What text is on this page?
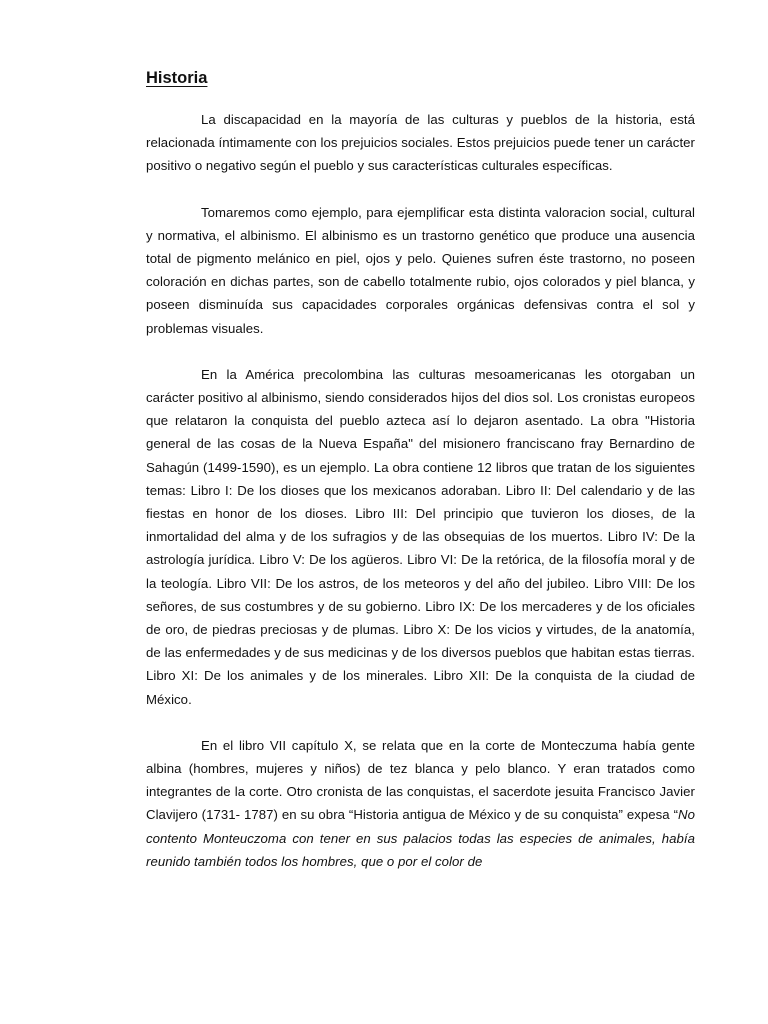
Historia

La discapacidad en la mayoría de las culturas y pueblos de la historia, está relacionada íntimamente con los prejuicios sociales. Estos prejuicios puede tener un carácter positivo o negativo según el pueblo y sus características culturales específicas.

Tomaremos como ejemplo, para ejemplificar esta distinta valoracion social, cultural y normativa, el albinismo. El albinismo es un trastorno genético que produce una ausencia total de pigmento melánico en piel, ojos y pelo. Quienes sufren éste trastorno, no poseen coloración en dichas partes, son de cabello totalmente rubio, ojos colorados y piel blanca, y poseen disminuída sus capacidades corporales orgánicas defensivas contra el sol y problemas visuales.

En la América precolombina las culturas mesoamericanas les otorgaban un carácter positivo al albinismo, siendo considerados hijos del dios sol. Los cronistas europeos que relataron la conquista del pueblo azteca así lo dejaron asentado. La obra "Historia general de las cosas de la Nueva España" del misionero franciscano fray Bernardino de Sahagún (1499-1590), es un ejemplo. La obra contiene 12 libros que tratan de los siguientes temas: Libro I: De los dioses que los mexicanos adoraban. Libro II: Del calendario y de las fiestas en honor de los dioses. Libro III: Del principio que tuvieron los dioses, de la inmortalidad del alma y de los sufragios y de las obsequias de los muertos. Libro IV: De la astrología jurídica. Libro V: De los agüeros. Libro VI: De la retórica, de la filosofía moral y de la teología. Libro VII: De los astros, de los meteoros y del año del jubileo. Libro VIII: De los señores, de sus costumbres y de su gobierno. Libro IX: De los mercaderes y de los oficiales de oro, de piedras preciosas y de plumas. Libro X: De los vicios y virtudes, de la anatomía, de las enfermedades y de sus medicinas y de los diversos pueblos que habitan estas tierras. Libro XI: De los animales y de los minerales. Libro XII: De la conquista de la ciudad de México.

En el libro VII capítulo X, se relata que en la corte de Monteczuma había gente albina (hombres, mujeres y niños) de tez blanca y pelo blanco. Y eran tratados como integrantes de la corte. Otro cronista de las conquistas, el sacerdote jesuita Francisco Javier Clavijero (1731- 1787) en su obra “Historia antigua de México y de su conquista” expesa “No contento Monteuczoma con tener en sus palacios todas las especies de animales, había reunido también todos los hombres, que o por el color de
